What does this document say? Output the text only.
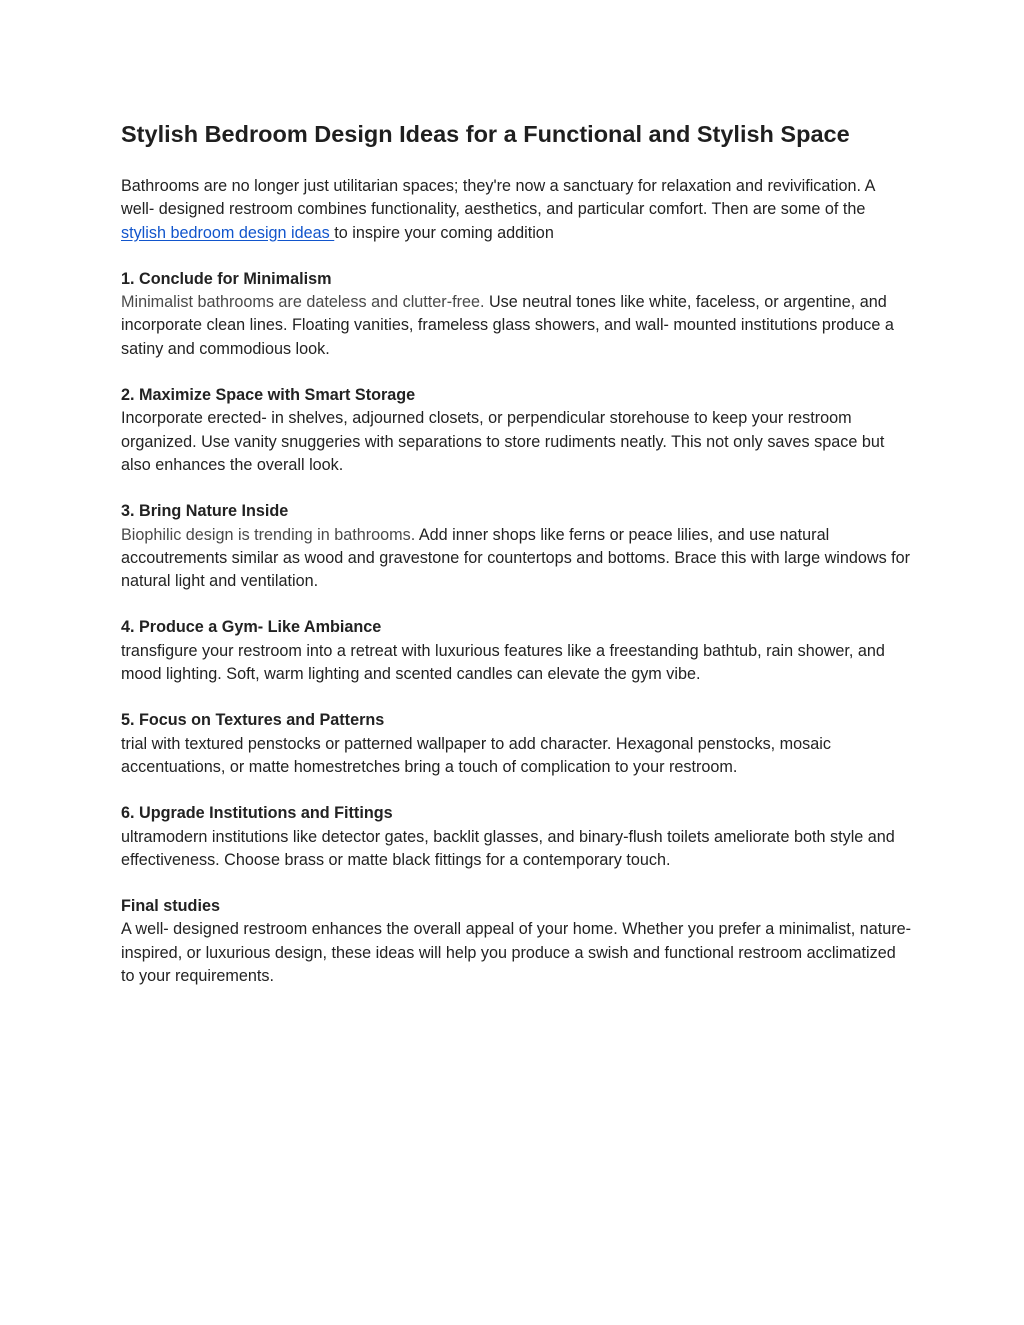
Stylish Bedroom Design Ideas for a Functional and Stylish Space

Bathrooms are no longer just utilitarian spaces; they're now a sanctuary for relaxation and revivification. A well- designed restroom combines functionality, aesthetics, and particular comfort. Then are some of the stylish bedroom design ideas to inspire your coming addition

1. Conclude for Minimalism

Minimalist bathrooms are dateless and clutter-free. Use neutral tones like white, faceless, or argentine, and incorporate clean lines. Floating vanities, frameless glass showers, and wall- mounted institutions produce a satiny and commodious look.

2. Maximize Space with Smart Storage

Incorporate erected- in shelves, adjourned closets, or perpendicular storehouse to keep your restroom organized. Use vanity snuggeries with separations to store rudiments neatly. This not only saves space but also enhances the overall look.

3. Bring Nature Inside

Biophilic design is trending in bathrooms. Add inner shops like ferns or peace lilies, and use natural accoutrements similar as wood and gravestone for countertops and bottoms. Brace this with large windows for natural light and ventilation.

4. Produce a Gym- Like Ambiance

transfigure your restroom into a retreat with luxurious features like a freestanding bathtub, rain shower, and mood lighting. Soft, warm lighting and scented candles can elevate the gym vibe.

5. Focus on Textures and Patterns

trial with textured penstocks or patterned wallpaper to add character. Hexagonal penstocks, mosaic accentuations, or matte homestretches bring a touch of complication to your restroom.

6. Upgrade Institutions and Fittings

ultramodern institutions like detector gates, backlit glasses, and binary-flush toilets ameliorate both style and effectiveness. Choose brass or matte black fittings for a contemporary touch.

Final studies

A well- designed restroom enhances the overall appeal of your home. Whether you prefer a minimalist, nature- inspired, or luxurious design, these ideas will help you produce a swish and functional restroom acclimatized to your requirements.
